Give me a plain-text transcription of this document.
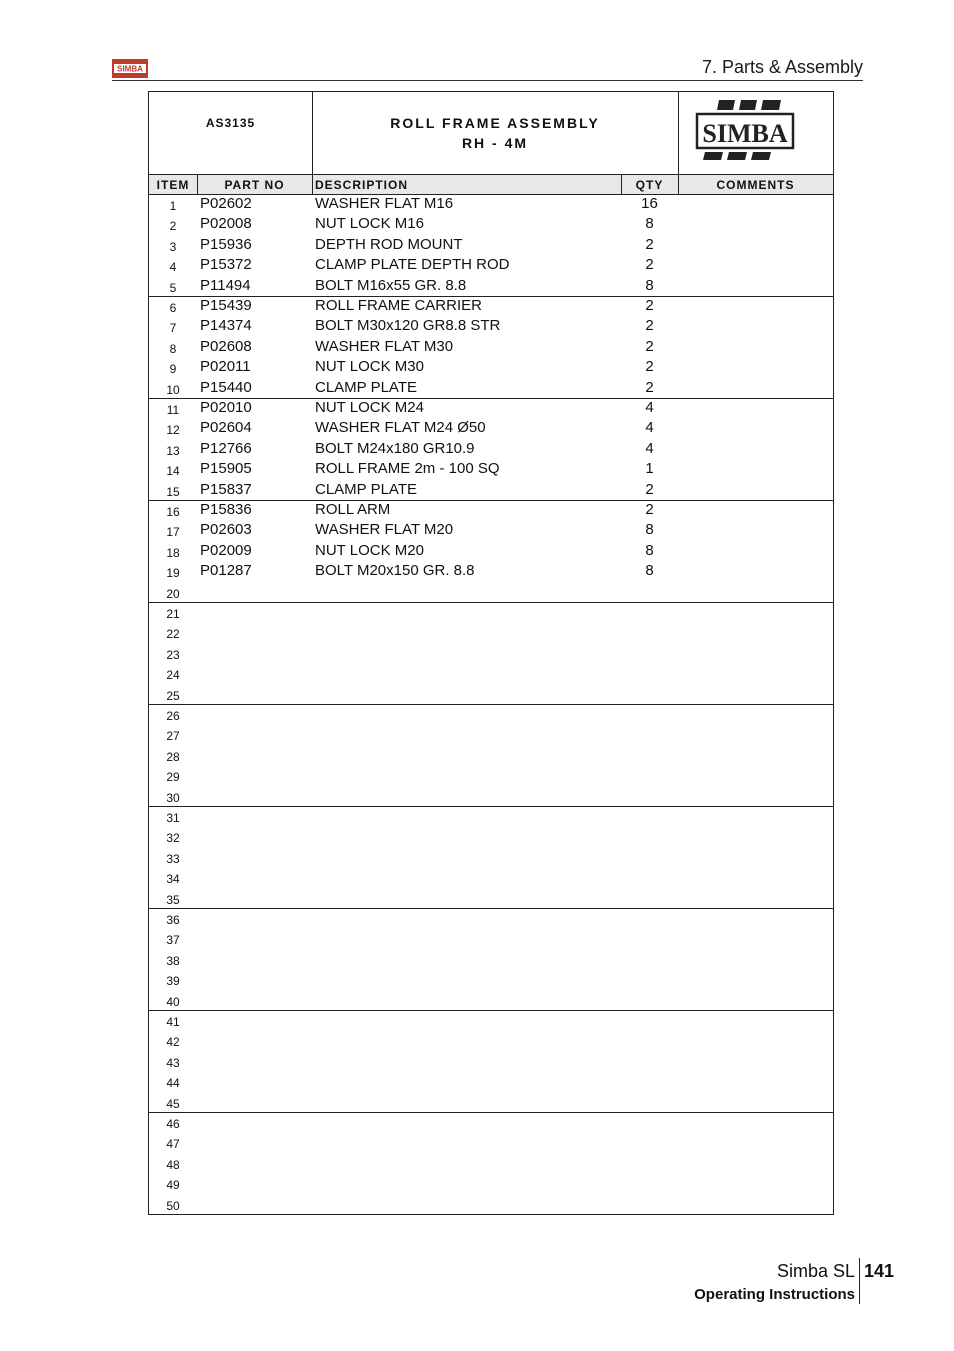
SIMBA	7. Parts & Assembly
AS3135	ROLL FRAME ASSEMBLY
RH - 4M	SIMBA
ITEM	PART NO	DESCRIPTION	QTY	COMMENTS
1	P02602	WASHER FLAT M16	16
2	P02008	NUT LOCK M16	8
3	P15936	DEPTH ROD MOUNT	2
4	P15372	CLAMP PLATE DEPTH ROD	2
5	P11494	BOLT M16x55 GR. 8.8	8
6	P15439	ROLL FRAME CARRIER	2
7	P14374	BOLT M30x120 GR8.8 STR	2
8	P02608	WASHER FLAT M30	2
9	P02011	NUT LOCK M30	2
10	P15440	CLAMP PLATE	2
11	P02010	NUT LOCK M24	4
12	P02604	WASHER FLAT M24 Ø50	4
13	P12766	BOLT M24x180 GR10.9	4
14	P15905	ROLL FRAME 2m - 100 SQ	1
15	P15837	CLAMP PLATE	2
16	P15836	ROLL ARM	2
17	P02603	WASHER FLAT M20	8
18	P02009	NUT LOCK M20	8
19	P01287	BOLT M20x150 GR. 8.8	8
20
21
22
23
24
25
26
27
28
29
30
31
32
33
34
35
36
37
38
39
40
41
42
43
44
45
46
47
48
49
50
Simba SL 141
Operating Instructions
